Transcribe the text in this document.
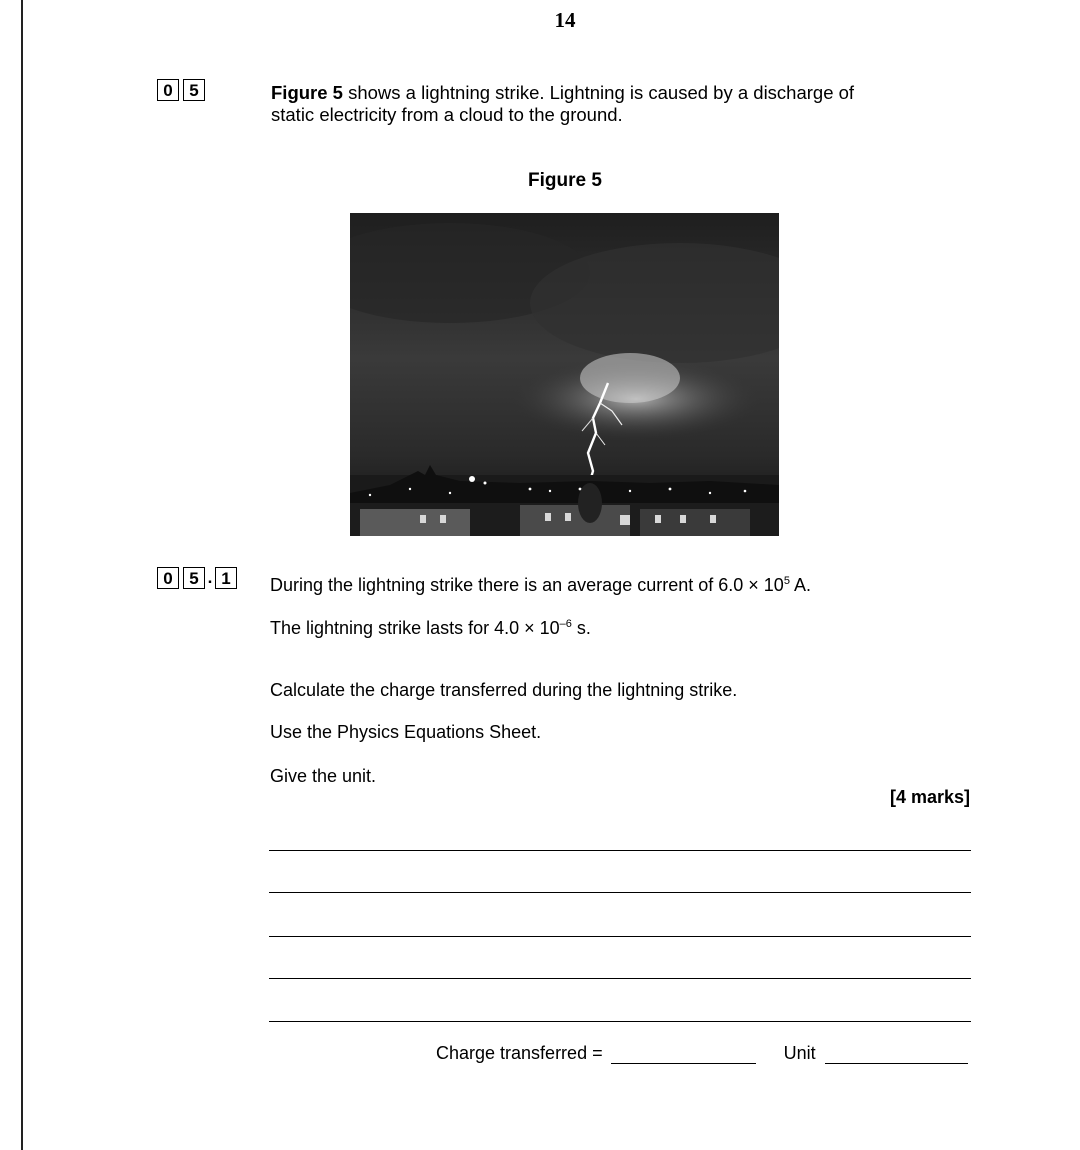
14
0 5	Figure 5 shows a lightning strike. Lightning is caused by a discharge of
static electricity from a cloud to the ground.
Figure 5
0 5 . 1	During the lightning strike there is an average current of $6.0 \times 10^5$ A.
The lightning strike lasts for $4.0 \times 10^{-6}$ s.
Calculate the charge transferred during the lightning strike.
Use the Physics Equations Sheet.
Give the unit.
[4 marks]
Charge transferred =	Unit
